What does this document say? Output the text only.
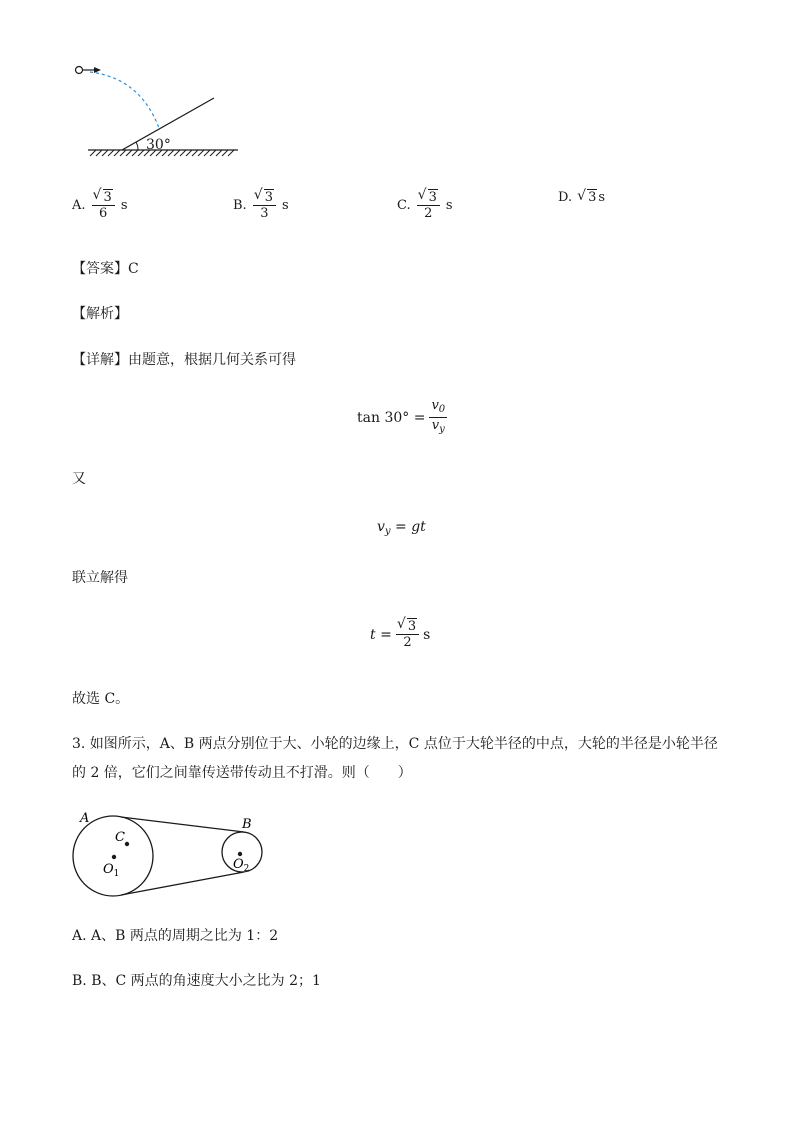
30°
A. √ $\frac{3}{6}$ s	B. √ $\frac{3}{3}$ s	C. √ $\frac{3}{2}$ s
D.	√ 3 s
【答案】C
【解析】
【详解】由题意，根据几何关系可得
$\tan 30^\circ = \frac{v_0}{v_y}$
又
$v_y$ = gt
联立解得
t = √ $\frac{3}{2}$ s
故选 C。
3. 如图所示，A、B 两点分别位于大、小轮的边缘上，C 点位于大轮半径的中点，大轮的半径是小轮半径
的 2 倍，它们之间靠传送带传动且不打滑。则（　　）
A	B
C
$O_1$
$O_2$
A. A、B 两点的周期之比为 1：2
B. B、C 两点的角速度大小之比为 2；1
